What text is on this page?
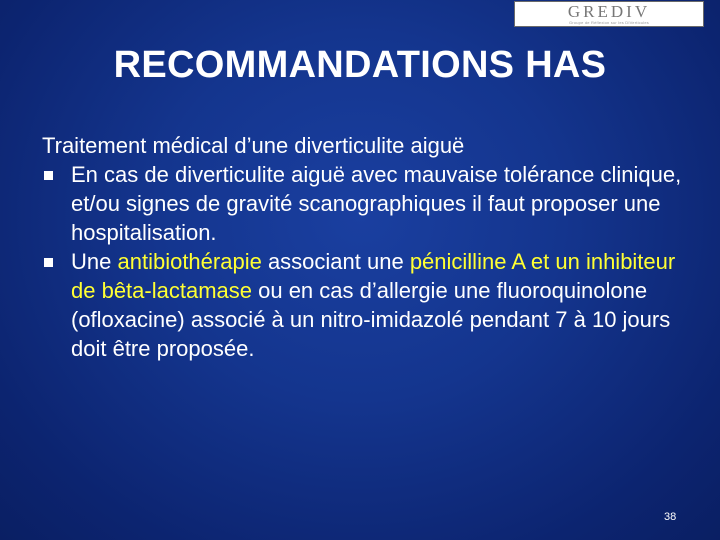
GREDIV
Groupe de Réflexion sur les DIVerticules
RECOMMANDATIONS HAS

Traitement médical d’une diverticulite aiguë

En cas de diverticulite aiguë avec mauvaise tolérance clinique, et/ou signes de gravité scanographiques il faut proposer une hospitalisation.
Une antibiothérapie associant une pénicilline A et un inhibiteur de bêta-lactamase ou en cas d’allergie une fluoroquinolone (ofloxacine) associé à un nitro-imidazolé pendant 7 à 10 jours doit être proposée.
38
